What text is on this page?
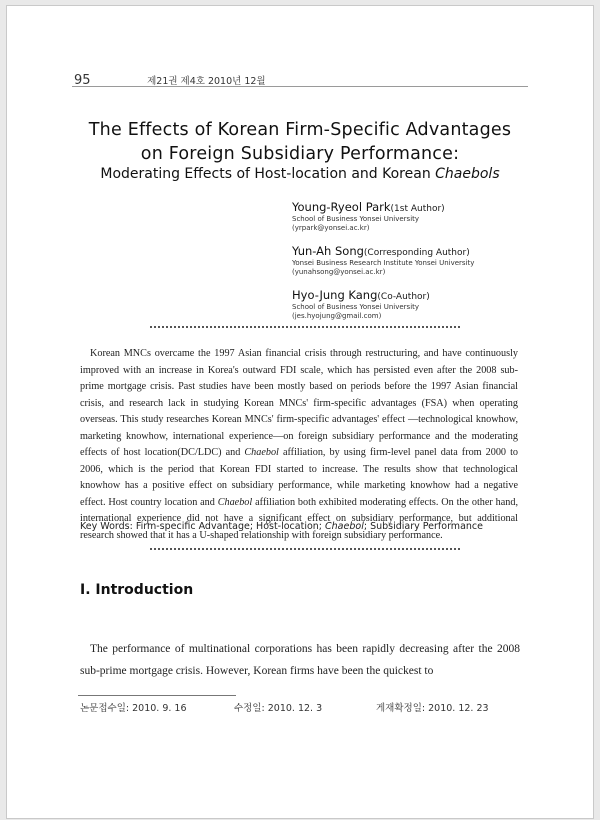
95	제21권 제4호 2010년 12월
The Effects of Korean Firm-Specific Advantages
on Foreign Subsidiary Performance:
Moderating Effects of Host-location and Korean Chaebols
Young-Ryeol Park(1st Author)
School of Business Yonsei University
(yrpark@yonsei.ac.kr)
Yun-Ah Song(Corresponding Author)
Yonsei Business Research Institute Yonsei University
(yunahsong@yonsei.ac.kr)
Hyo-Jung Kang(Co-Author)
School of Business Yonsei University
(jes.hyojung@gmail.com)
Korean MNCs overcame the 1997 Asian financial crisis through restructuring, and have continuously improved with an increase in Korea's outward FDI scale, which has persisted even after the 2008 sub-prime mortgage crisis. Past studies have been mostly based on periods before the 1997 Asian financial crisis, and research lack in studying Korean MNCs' firm-specific advantages (FSA) when operating overseas. This study researches Korean MNCs' firm-specific advantages' effect —technological knowhow, marketing knowhow, international experience—on foreign subsidiary performance and the moderating effects of host location(DC/LDC) and Chaebol affiliation, by using firm-level panel data from 2000 to 2006, which is the period that Korean FDI started to increase. The results show that technological knowhow has a positive effect on subsidiary performance, while marketing knowhow had a negative effect. Host country location and Chaebol affiliation both exhibited moderating effects. On the other hand, international experience did not have a significant effect on subsidiary performance, but additional research showed that it has a U-shaped relationship with foreign subsidiary performance.
Key Words: Firm-specific Advantage; Host-location; Chaebol; Subsidiary Performance
Ⅰ. Introduction
The performance of multinational corporations has been rapidly decreasing after the 2008 sub-prime mortgage crisis. However, Korean firms have been the quickest to
논문접수일: 2010. 9. 16	수정일: 2010. 12. 3	게재확정일: 2010. 12. 23
